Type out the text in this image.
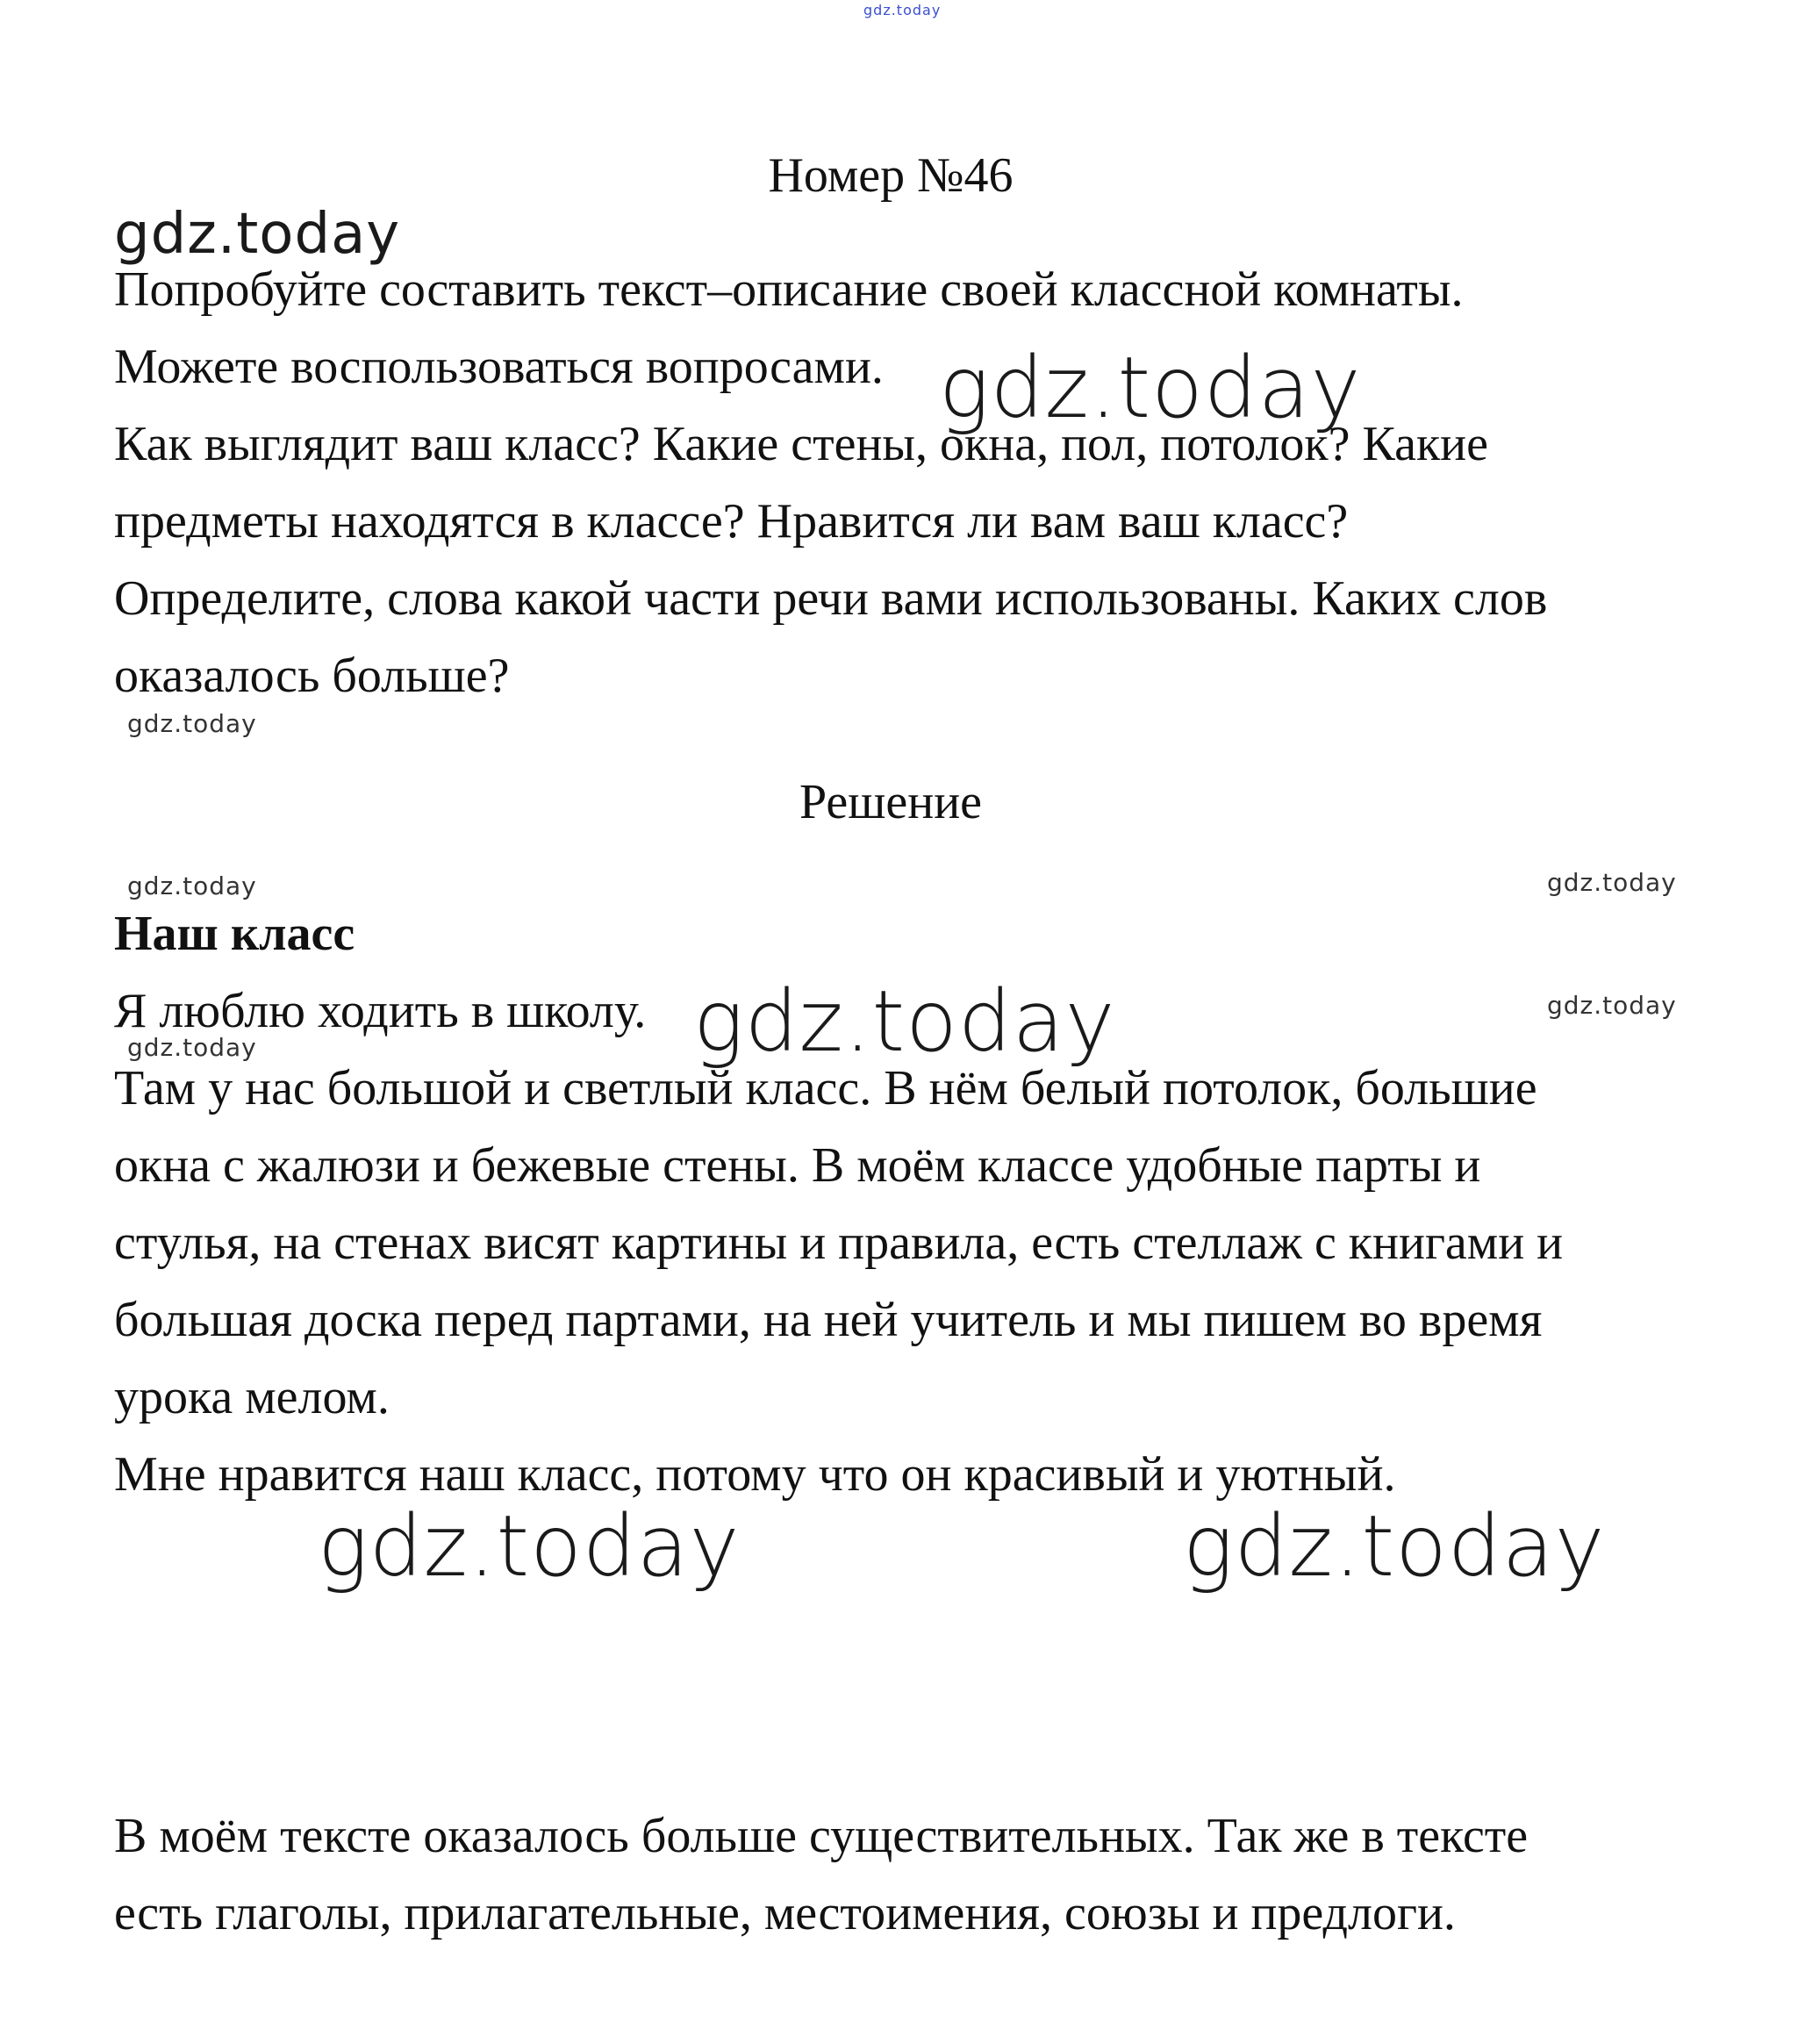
gdz.today
Номер №46
gdz.today

Попробуйте составить текст–описание своей классной комнаты.

Можете воспользоваться вопросами.

Как выглядит ваш класс? Какие стены, окна, пол, потолок? Какие

предметы находятся в классе? Нравится ли вам ваш класс?

Определите, слова какой части речи вами использованы. Каких слов

оказалось больше?

gdz.today
gdz.today
Решение
gdz.today	gdz.today

Наш класс

Я люблю ходить в школу. gdz.today	gdz.today
gdz.today

Там у нас большой и светлый класс. В нём белый потолок, большие

окна с жалюзи и бежевые стены. В моём классе удобные парты и

стулья, на стенах висят картины и правила, есть стеллаж с книгами и

большая доска перед партами, на ней учитель и мы пишем во время

урока мелом.

Мне нравится наш класс, потому что он красивый и уютный.

gdz.today	gdz.today

В моём тексте оказалось больше существительных. Так же в тексте

есть глаголы, прилагательные, местоимения, союзы и предлоги.
